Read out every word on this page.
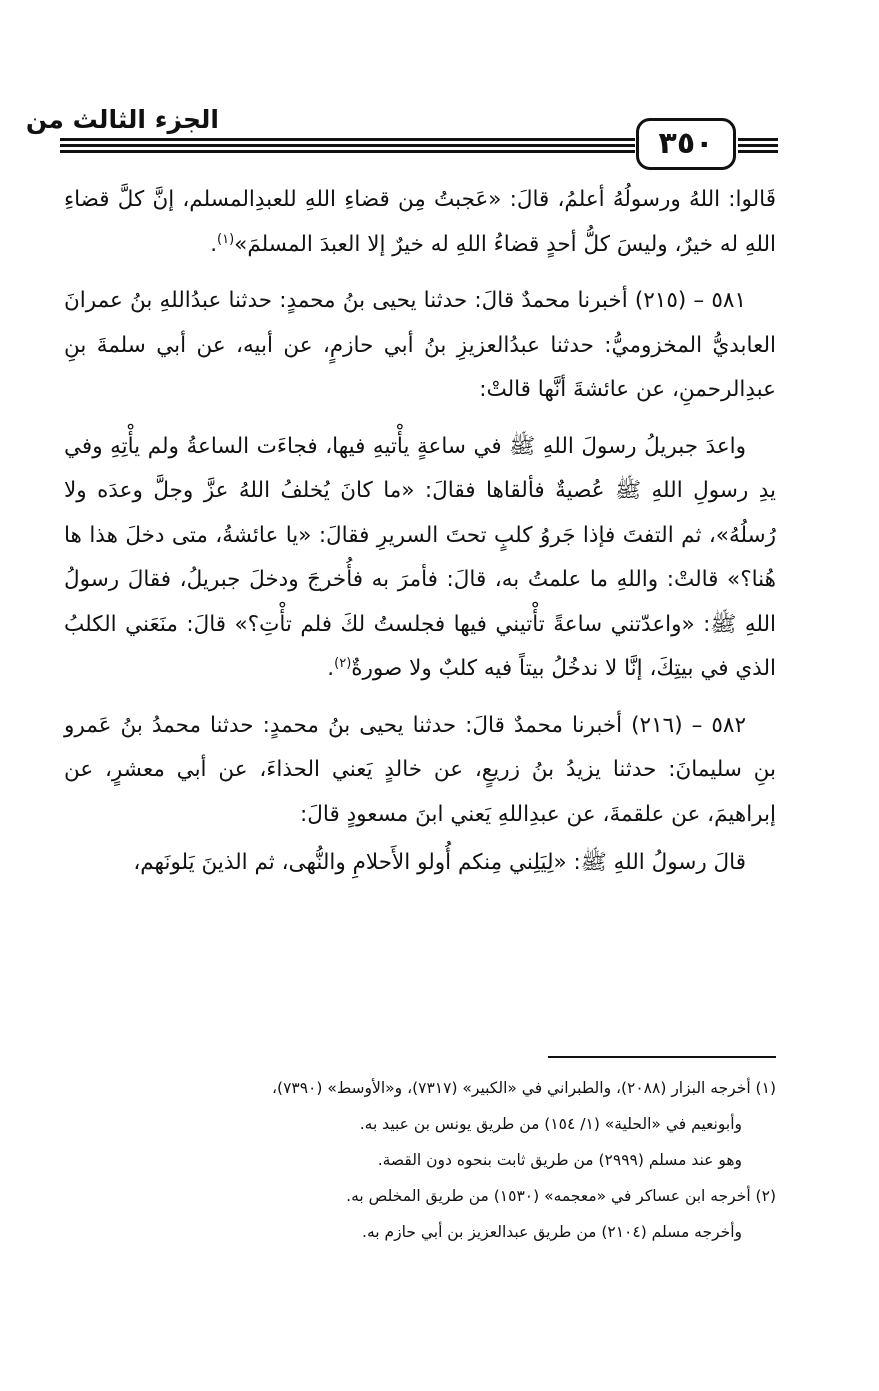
الجزء الثالث من
٣٥٠

قَالوا: اللهُ ورسولُهُ أعلمُ، قالَ: «عَجبتُ مِن قضاءِ اللهِ للعبدِالمسلم، إنَّ كلَّ قضاءِ اللهِ له خيرٌ، وليسَ كلُّ أحدٍ قضاءُ اللهِ له خيرٌ إلا العبدَ المسلمَ»$^{(١)}$.

٥٨١ – (٢١٥) أخبرنا محمدٌ قالَ: حدثنا يحيى بنُ محمدٍ: حدثنا عبدُاللهِ بنُ عمرانَ العابديُّ المخزوميُّ: حدثنا عبدُالعزيزِ بنُ أبي حازمٍ، عن أبيه، عن أبي سلمةَ بنِ عبدِالرحمنِ، عن عائشةَ أنَّها قالتْ:

واعدَ جبريلُ رسولَ اللهِ ﷺ في ساعةٍ يأْتيهِ فيها، فجاءَت الساعةُ ولم يأْتِهِ وفي يدِ رسولِ اللهِ ﷺ عُصيةٌ فألقاها فقالَ: «ما كانَ يُخلفُ اللهُ عزَّ وجلَّ وعدَه ولا رُسلُهُ»، ثم التفتَ فإذا جَروُ كلبٍ تحتَ السريرِ فقالَ: «يا عائشةُ، متى دخلَ هذا ها هُنا؟» قالتْ: واللهِ ما علمتُ به، قالَ: فأمرَ به فأُخرجَ ودخلَ جبريلُ، فقالَ رسولُ اللهِ ﷺ: «واعدّتني ساعةً تأْتيني فيها فجلستُ لكَ فلم تأْتِ؟» قالَ: منَعَني الكلبُ الذي في بيتِكَ، إنَّا لا ندخُلُ بيتاً فيه كلبٌ ولا صورةٌ$^{(٢)}$.

٥٨٢ – (٢١٦) أخبرنا محمدٌ قالَ: حدثنا يحيى بنُ محمدٍ: حدثنا محمدُ بنُ عَمرو بنِ سليمانَ: حدثنا يزيدُ بنُ زريعٍ، عن خالدٍ يَعني الحذاءَ، عن أبي معشرٍ، عن إبراهيمَ، عن علقمةَ، عن عبدِاللهِ يَعني ابنَ مسعودٍ قالَ:

قالَ رسولُ اللهِ ﷺ: «لِيَلِني مِنكم أُولو الأَحلامِ والنُّهى، ثم الذينَ يَلونَهم،

(١) أخرجه البزار (٢٠٨٨)، والطبراني في «الكبير» (٧٣١٧)، و«الأوسط» (٧٣٩٠)،

وأبونعيم في «الحلية» (١/ ١٥٤) من طريق يونس بن عبيد به.

وهو عند مسلم (٢٩٩٩) من طريق ثابت بنحوه دون القصة.

(٢) أخرجه ابن عساكر في «معجمه» (١٥٣٠) من طريق المخلص به.

وأخرجه مسلم (٢١٠٤) من طريق عبدالعزيز بن أبي حازم به.
